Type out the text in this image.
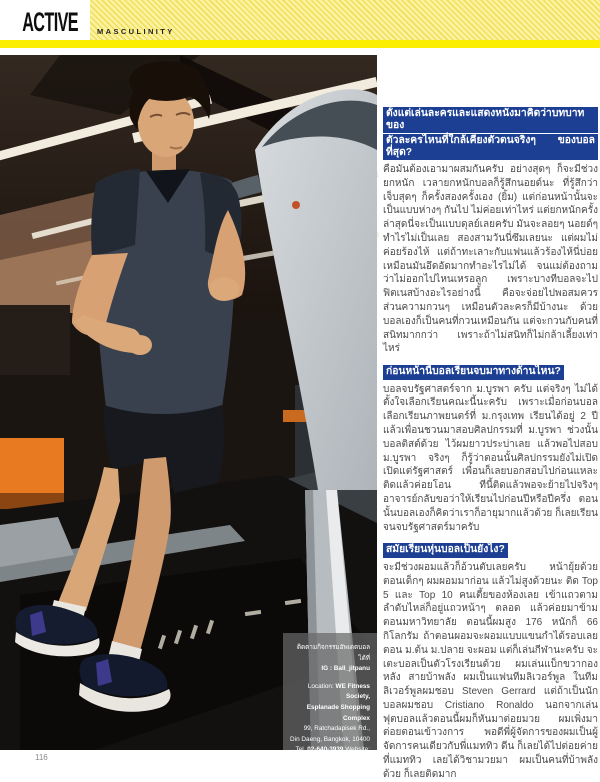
ACTIVE	MASCULINITY
ติดตามกิจกรรมอัพเดตบอลได้ที่
IG : Ball_jitpanu
Location: WE Fitness Society,
Esplanade Shopping Complex
99, Ratchadapisek Rd.,
Din Daeng, Bangkok, 10400
Tel. 02-640-3939 Website:
www.wefitnesssociety.com
Facebook: wefitnesssociety
ตั้งแต่เล่นละครและแสดงหนังมาคิดว่าบทบาทของ ตัวละครไหนที่ใกล้เคียงตัวตนจริงๆ ของบอลที่สุด?

คือมันต้องเอามาผสมกันครับ อย่างสุดๆ ก็จะมีช่วงยกหนัก เวลายกหนักบอลก็รู้สึกนอยด์นะ ที่รู้สึกว่าเจ็บสุดๆ ก็ครั้งสองครั้งเอง (ยิ้ม) แต่ก่อนหน้านั้นจะเป็นแบบห่างๆ กันไป ไม่ค่อยเท่าไหร่ แต่ยกหนักครั้งล่าสุดนี่จะเป็นแบบดุลย์เลยครับ มันจะลอยๆ นอยด์ๆ ทำไรไม่เป็นเลย สองสามวันนี่ซึมเลยนะ แต่ผมไม่ค่อยร้องไห้ แต่ถ้าทะเลาะกับแฟนแล้วร้องไห้นี่บ่อย เหมือนมันอึดอัดมากทำอะไรไม่ได้ จนแม่ต้องถามว่าไม่ออกไปไหนเหรอลูก เพราะบางทีบอลจะไปฟิตเนสบ้างอะไรอย่างนี้ คือจะจ่อยไปพอสมควร ส่วนความกวนๆ เหมือนตัวละครก็มีบ้างนะ ด้วยบอลเองก็เป็นคนที่กวนเหมือนกัน แต่จะกวนกับคนที่สนิทมากกว่า เพราะถ้าไม่สนิทก็ไม่กล้าเลี้ยงเท่าไหร่

ก่อนหน้านี้บอลเรียนจบมาทางด้านไหน?

บอลจบรัฐศาสตร์จาก ม.บูรพา ครับ แต่จริงๆ ไม่ได้ตั้งใจเลือกเรียนคณะนี้นะครับ เพราะเมื่อก่อนบอลเลือกเรียนภาพยนตร์ที่ ม.กรุงเทพ เรียนได้อยู่ 2 ปี แล้วเพื่อนชวนมาสอบศิลปกรรมที่ ม.บูรพา ช่วงนั้นบอลติสต์ด้วย ไว้ผมยาวประบ่าเลย แล้วพอไปสอบ ม.บูรพา จริงๆ ก็รู้ว่าตอนนั้นศิลปกรรมยังไม่เปิด เปิดแต่รัฐศาสตร์ เพื่อนก็เลยบอกสอบไปก่อนแหละ ติดแล้วค่อยโอน ทีนี้ติดแล้วพอจะย้ายไปจริงๆ อาจารย์กลับขอว่าให้เรียนไปก่อนปีหรือปีครึ่ง ตอนนั้นบอลเองก็คิดว่าเราก็อายุมากแล้วด้วย ก็เลยเรียนจนจบรัฐศาสตร์มาครับ

สมัยเรียนหุ่นบอลเป็นยังไง?

จะมีช่วงผอมแล้วก็อ้วนตับเลยครับ หน้ายุ้ยด้วย ตอนเด็กๆ ผมผอมมาก่อน แล้วไม่สูงด้วยนะ ติด Top 5 และ Top 10 คนเตี้ยของห้องเลย เข้าแถวตามลำดับไหล่ก็อยู่แถวหน้าๆ ตลอด แล้วค่อยมาข้ามตอนมหาวิทยาลัย ตอนนี้ผมสูง 176 หนักก็ 66 กิโลกรัม ถ้าตอนผอมจะผอมแบบแขนกำได้รอบเลย ตอน ม.ต้น ม.ปลาย จะผอม แต่ก็เล่นกีฬานะครับ จะเตะบอลเป็นตัวโรงเรียนด้วย ผมเล่นแบ็กขวากองหลัง สายบ้าพลัง ผมเป็นแฟนทีมลิเวอร์พูล ในทีมลิเวอร์พูลผมชอบ Steven Gerrard แต่ถ้าเป็นนักบอลผมชอบ Cristiano Ronaldo นอกจากเล่นฟุตบอลแล้วตอนนี้ผมก็หันมาต่อยมวย ผมเพิ่งมาต่อยตอนเข้าวงการ พอดีพี่ผู้จัดการของผมเป็นผู้จัดการคนเดียวกับพี่แมททิว ดีน ก็เลยได้ไปต่อยค่ายที่แมททิว เลยได้วิชามวยมา ผมเป็นคนที่บ้าพลังด้วย ก็เลยติดมาก

116
